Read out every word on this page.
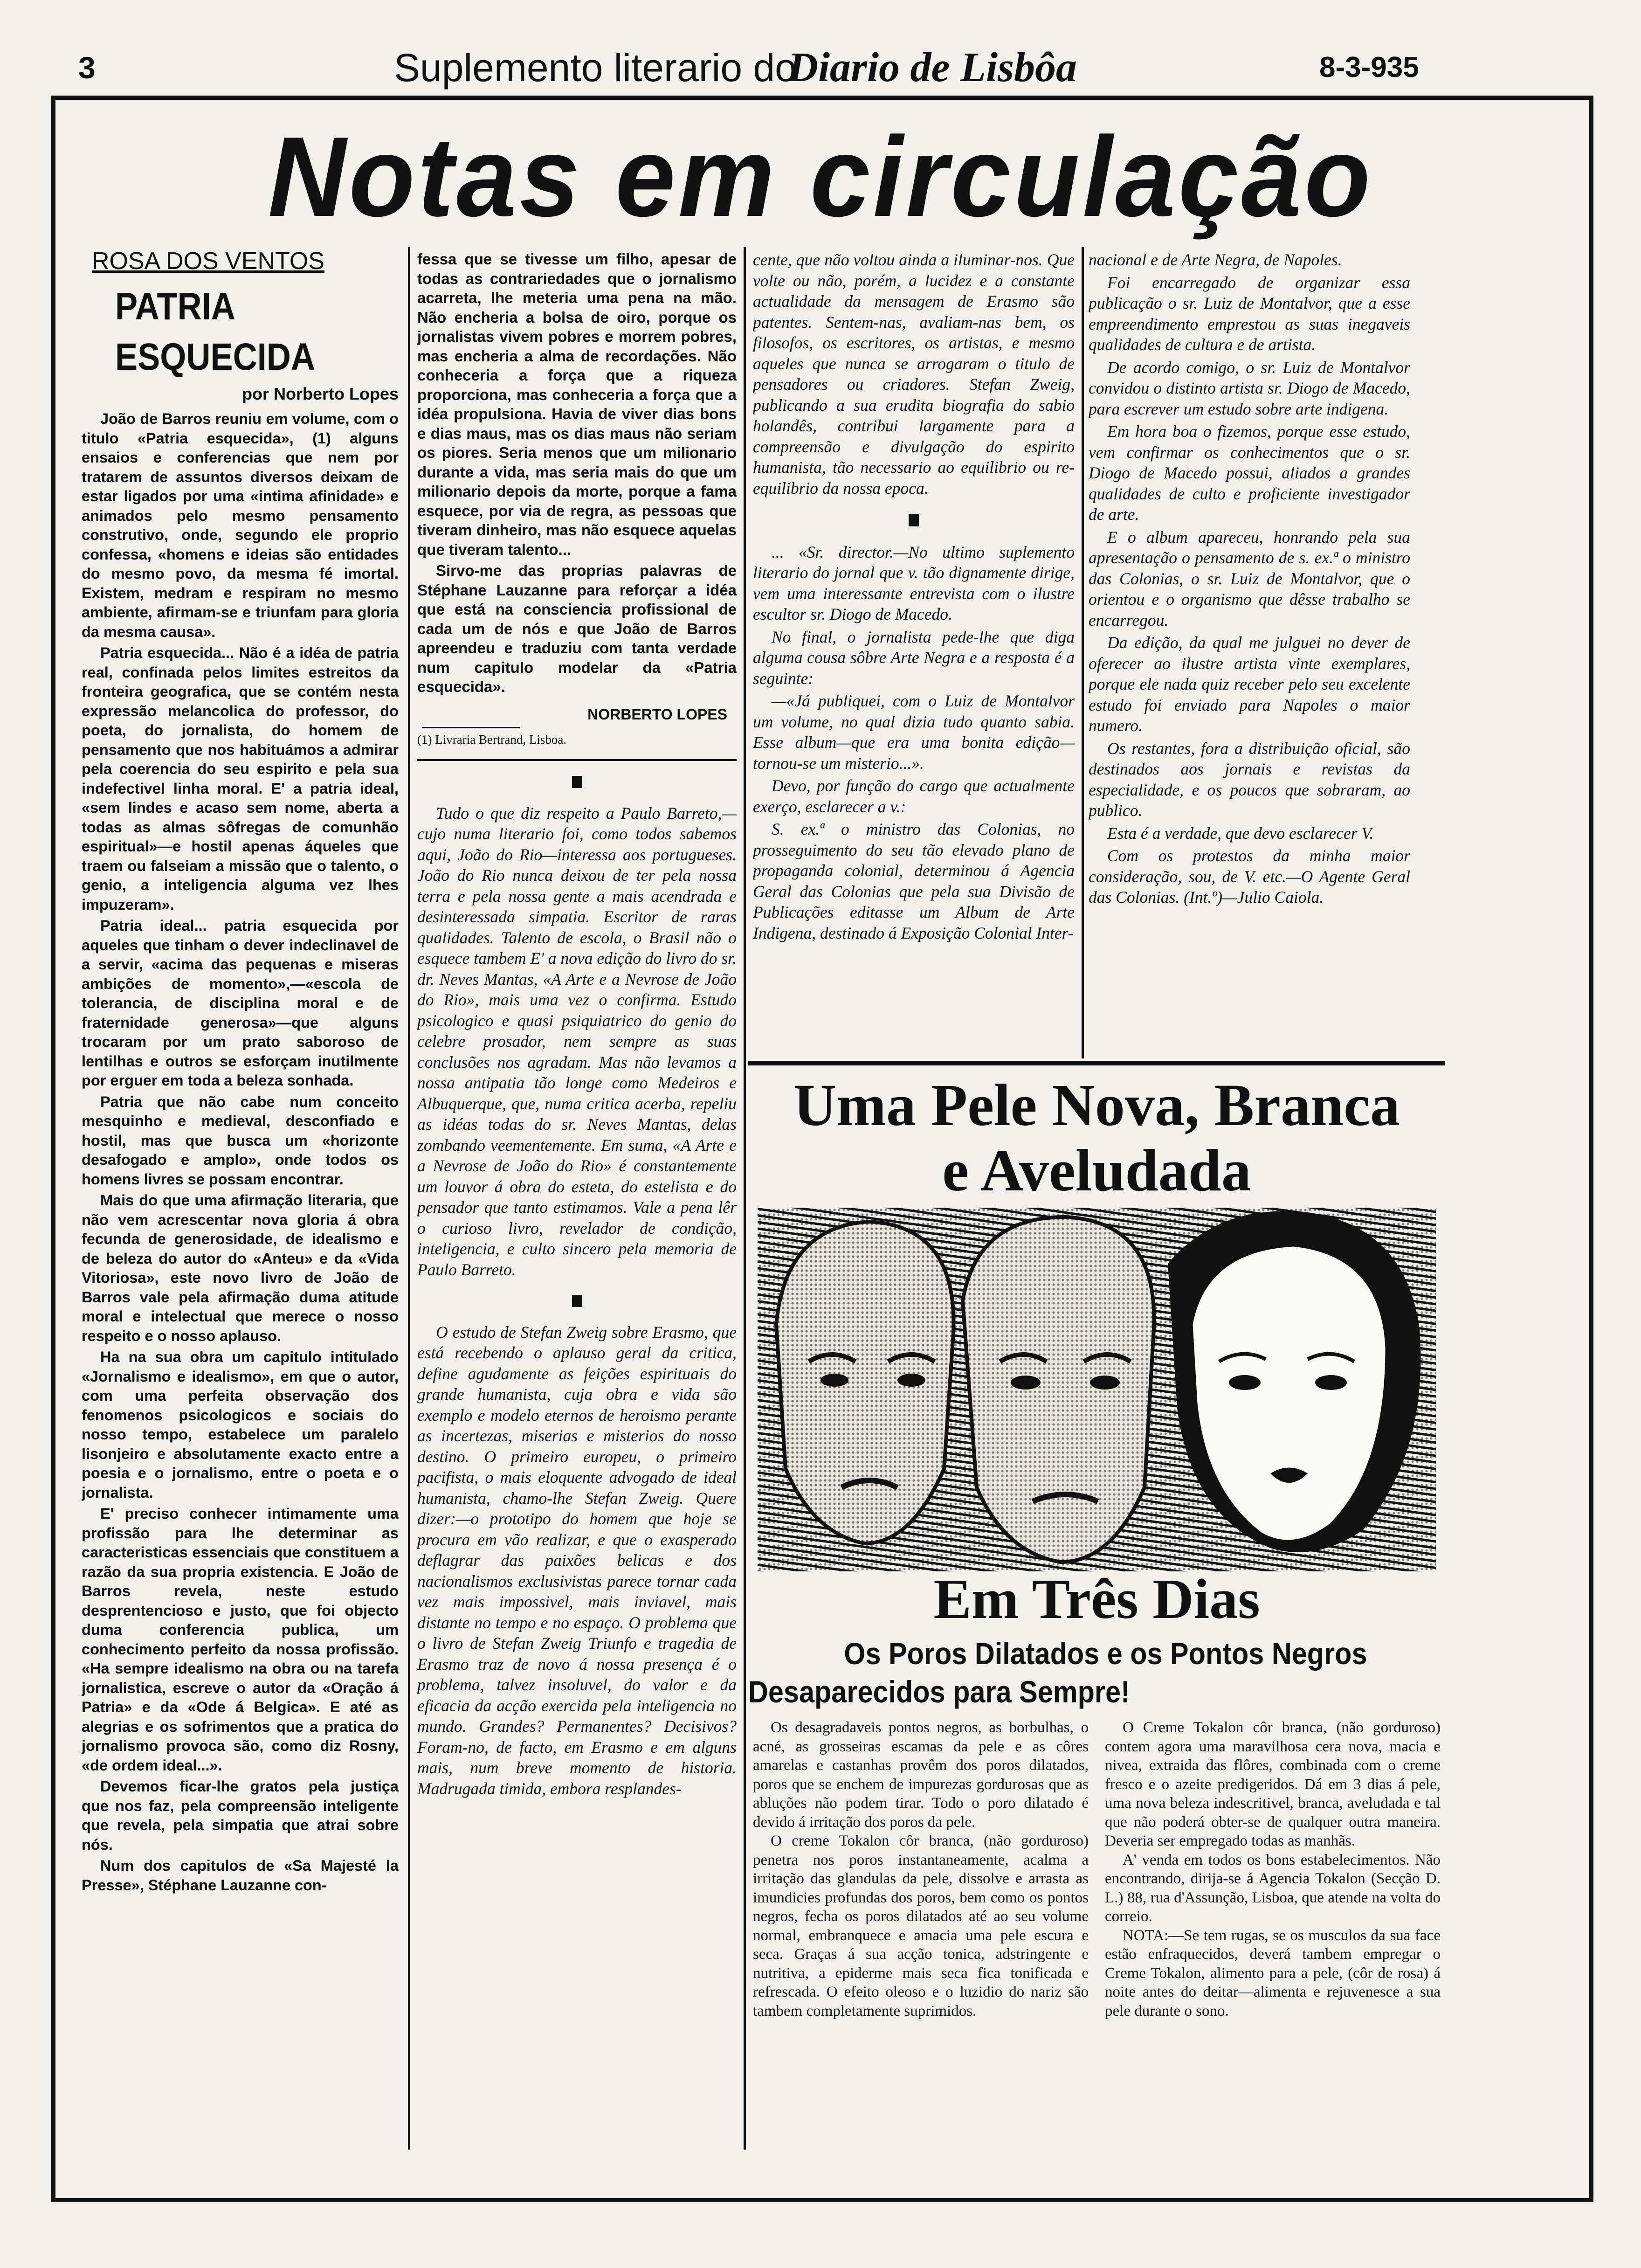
3	Suplemento literario do
Diario de Lisbôa	8-3-935
Notas em circulação
ROSA DOS VENTOS
PATRIA ESQUECIDA
por Norberto Lopes

João de Barros reuniu em volume, com o titulo «Patria esquecida», (1) alguns ensaios e conferencias que nem por tratarem de assuntos diversos deixam de estar ligados por uma «intima afinidade» e animados pelo mesmo pensamento construtivo, onde, segundo ele proprio confessa, «homens e ideias são entidades do mesmo povo, da mesma fé imortal. Existem, medram e respiram no mesmo ambiente, afirmam-se e triunfam para gloria da mesma causa».

Patria esquecida... Não é a idéa de patria real, confinada pelos limites estreitos da fronteira geografica, que se contém nesta expressão melancolica do professor, do poeta, do jornalista, do homem de pensamento que nos habituámos a admirar pela coerencia do seu espirito e pela sua indefectivel linha moral. E' a patria ideal, «sem lindes e acaso sem nome, aberta a todas as almas sôfregas de comunhão espiritual»—e hostil apenas áqueles que traem ou falseiam a missão que o talento, o genio, a inteligencia alguma vez lhes impuzeram».

Patria ideal... patria esquecida por aqueles que tinham o dever indeclinavel de a servir, «acima das pequenas e miseras ambições de momento»,—«escola de tolerancia, de disciplina moral e de fraternidade generosa»—que alguns trocaram por um prato saboroso de lentilhas e outros se esforçam inutilmente por erguer em toda a beleza sonhada.

Patria que não cabe num conceito mesquinho e medieval, desconfiado e hostil, mas que busca um «horizonte desafogado e amplo», onde todos os homens livres se possam encontrar.

Mais do que uma afirmação literaria, que não vem acrescentar nova gloria á obra fecunda de generosidade, de idealismo e de beleza do autor do «Anteu» e da «Vida Vitoriosa», este novo livro de João de Barros vale pela afirmação duma atitude moral e intelectual que merece o nosso respeito e o nosso aplauso.

Ha na sua obra um capitulo intitulado «Jornalismo e idealismo», em que o autor, com uma perfeita observação dos fenomenos psicologicos e sociais do nosso tempo, estabelece um paralelo lisonjeiro e absolutamente exacto entre a poesia e o jornalismo, entre o poeta e o jornalista.

E' preciso conhecer intimamente uma profissão para lhe determinar as caracteristicas essenciais que constituem a razão da sua propria existencia. E João de Barros revela, neste estudo desprentencioso e justo, que foi objecto duma conferencia publica, um conhecimento perfeito da nossa profissão. «Ha sempre idealismo na obra ou na tarefa jornalistica, escreve o autor da «Oração á Patria» e da «Ode á Belgica». E até as alegrias e os sofrimentos que a pratica do jornalismo provoca são, como diz Rosny, «de ordem ideal...».

Devemos ficar-lhe gratos pela justiça que nos faz, pela compreensão inteligente que revela, pela simpatia que atrai sobre nós.

Num dos capitulos de «Sa Majesté la Presse», Stéphane Lauzanne con-

fessa que se tivesse um filho, apesar de todas as contrariedades que o jornalismo acarreta, lhe meteria uma pena na mão. Não encheria a bolsa de oiro, porque os jornalistas vivem pobres e morrem pobres, mas encheria a alma de recordações. Não conheceria a força que a riqueza proporciona, mas conheceria a força que a idéa propulsiona. Havia de viver dias bons e dias maus, mas os dias maus não seriam os piores. Seria menos que um milionario durante a vida, mas seria mais do que um milionario depois da morte, porque a fama esquece, por via de regra, as pessoas que tiveram dinheiro, mas não esquece aquelas que tiveram talento...

Sirvo-me das proprias palavras de Stéphane Lauzanne para reforçar a idéa que está na consciencia profissional de cada um de nós e que João de Barros apreendeu e traduziu com tanta verdade num capitulo modelar da «Patria esquecida».

NORBERTO LOPES
(1) Livraria Bertrand, Lisboa.

Tudo o que diz respeito a Paulo Barreto,—cujo numa literario foi, como todos sabemos aqui, João do Rio—interessa aos portugueses. João do Rio nunca deixou de ter pela nossa terra e pela nossa gente a mais acendrada e desinteressada simpatia. Escritor de raras qualidades. Talento de escola, o Brasil não o esquece tambem E' a nova edição do livro do sr. dr. Neves Mantas, «A Arte e a Nevrose de João do Rio», mais uma vez o confirma. Estudo psicologico e quasi psiquiatrico do genio do celebre prosador, nem sempre as suas conclusões nos agradam. Mas não levamos a nossa antipatia tão longe como Medeiros e Albuquerque, que, numa critica acerba, repeliu as idéas todas do sr. Neves Mantas, delas zombando veementemente. Em suma, «A Arte e a Nevrose de João do Rio» é constantemente um louvor á obra do esteta, do estelista e do pensador que tanto estimamos. Vale a pena lêr o curioso livro, revelador de condição, inteligencia, e culto sincero pela memoria de Paulo Barreto.

O estudo de Stefan Zweig sobre Erasmo, que está recebendo o aplauso geral da critica, define agudamente as feições espirituais do grande humanista, cuja obra e vida são exemplo e modelo eternos de heroismo perante as incertezas, miserias e misterios do nosso destino. O primeiro europeu, o primeiro pacifista, o mais eloquente advogado de ideal humanista, chamo-lhe Stefan Zweig. Quere dizer:—o prototipo do homem que hoje se procura em vão realizar, e que o exasperado deflagrar das paixões belicas e dos nacionalismos exclusivistas parece tornar cada vez mais impossivel, mais inviavel, mais distante no tempo e no espaço. O problema que o livro de Stefan Zweig Triunfo e tragedia de Erasmo traz de novo á nossa presença é o problema, talvez insoluvel, do valor e da eficacia da acção exercida pela inteligencia no mundo. Grandes? Permanentes? Decisivos? Foram-no, de facto, em Erasmo e em alguns mais, num breve momento de historia. Madrugada timida, embora resplandes-

cente, que não voltou ainda a iluminar-nos. Que volte ou não, porém, a lucidez e a constante actualidade da mensagem de Erasmo são patentes. Sentem-nas, avaliam-nas bem, os filosofos, os escritores, os artistas, e mesmo aqueles que nunca se arrogaram o titulo de pensadores ou criadores. Stefan Zweig, publicando a sua erudita biografia do sabio holandês, contribui largamente para a compreensão e divulgação do espirito humanista, tão necessario ao equilibrio ou re-equilibrio da nossa epoca.

... «Sr. director.—No ultimo suplemento literario do jornal que v. tão dignamente dirige, vem uma interessante entrevista com o ilustre escultor sr. Diogo de Macedo.

No final, o jornalista pede-lhe que diga alguma cousa sôbre Arte Negra e a resposta é a seguinte:

—«Já publiquei, com o Luiz de Montalvor um volume, no qual dizia tudo quanto sabia. Esse album—que era uma bonita edição—tornou-se um misterio...».

Devo, por função do cargo que actualmente exerço, esclarecer a v.:

S. ex.ª o ministro das Colonias, no prosseguimento do seu tão elevado plano de propaganda colonial, determinou á Agencia Geral das Colonias que pela sua Divisão de Publicações editasse um Album de Arte Indigena, destinado á Exposição Colonial Inter-

nacional e de Arte Negra, de Napoles.

Foi encarregado de organizar essa publicação o sr. Luiz de Montalvor, que a esse empreendimento emprestou as suas inegaveis qualidades de cultura e de artista.

De acordo comigo, o sr. Luiz de Montalvor convidou o distinto artista sr. Diogo de Macedo, para escrever um estudo sobre arte indigena.

Em hora boa o fizemos, porque esse estudo, vem confirmar os conhecimentos que o sr. Diogo de Macedo possui, aliados a grandes qualidades de culto e proficiente investigador de arte.

E o album apareceu, honrando pela sua apresentação o pensamento de s. ex.ª o ministro das Colonias, o sr. Luiz de Montalvor, que o orientou e o organismo que dêsse trabalho se encarregou.

Da edição, da qual me julguei no dever de oferecer ao ilustre artista vinte exemplares, porque ele nada quiz receber pelo seu excelente estudo foi enviado para Napoles o maior numero.

Os restantes, fora a distribuição oficial, são destinados aos jornais e revistas da especialidade, e os poucos que sobraram, ao publico.

Esta é a verdade, que devo esclarecer V.

Com os protestos da minha maior consideração, sou, de V. etc.—O Agente Geral das Colonias. (Int.º)—Julio Caiola.

Uma Pele Nova, Branca
e Aveludada
Em Três Dias
Os Poros Dilatados e os Pontos Negros
Desaparecidos para Sempre!

Os desagradaveis pontos negros, as borbulhas, o acné, as grosseiras escamas da pele e as côres amarelas e castanhas provêm dos poros dilatados, poros que se enchem de impurezas gordurosas que as abluções não podem tirar. Todo o poro dilatado é devido á irritação dos poros da pele.

O creme Tokalon côr branca, (não gorduroso) penetra nos poros instantaneamente, acalma a irritação das glandulas da pele, dissolve e arrasta as imundicies profundas dos poros, bem como os pontos negros, fecha os poros dilatados até ao seu volume normal, embranquece e amacia uma pele escura e seca. Graças á sua acção tonica, adstringente e nutritiva, a epiderme mais seca fica tonificada e refrescada. O efeito oleoso e o luzidio do nariz são tambem completamente suprimidos.

O Creme Tokalon côr branca, (não gorduroso) contem agora uma maravilhosa cera nova, macia e nivea, extraida das flôres, combinada com o creme fresco e o azeite predigeridos. Dá em 3 dias á pele, uma nova beleza indescritivel, branca, aveludada e tal que não poderá obter-se de qualquer outra maneira. Deveria ser empregado todas as manhãs.

A' venda em todos os bons estabelecimentos. Não encontrando, dirija-se á Agencia Tokalon (Secção D. L.) 88, rua d'Assunção, Lisboa, que atende na volta do correio.

NOTA:—Se tem rugas, se os musculos da sua face estão enfraquecidos, deverá tambem empregar o Creme Tokalon, alimento para a pele, (côr de rosa) á noite antes do deitar—alimenta e rejuvenesce a sua pele durante o sono.
